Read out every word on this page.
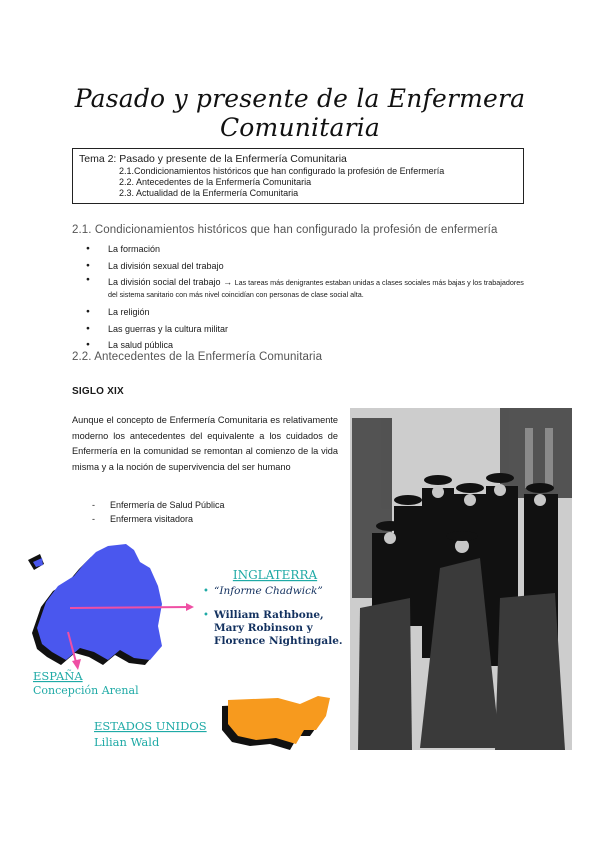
Pasado y presente de la Enfermera Comunitaria
Tema 2: Pasado y presente de la Enfermería Comunitaria
2.1.Condicionamientos históricos que han configurado la profesión de Enfermería
2.2. Antecedentes de la Enfermería Comunitaria
2.3. Actualidad de la Enfermería Comunitaria
2.1. Condicionamientos históricos que han configurado la profesión de enfermería
● La formación
● La división sexual del trabajo
● La división social del trabajo → Las tareas más denigrantes estaban unidas a clases sociales más bajas y los trabajadores del sistema sanitario con más nivel coincidían con personas de clase social alta.
● La religión
● Las guerras y la cultura militar
● La salud pública
2.2. Antecedentes de la Enfermería Comunitaria
SIGLO XIX
Aunque el concepto de Enfermería Comunitaria es relativamente moderno los antecedentes del equivalente a los cuidados de Enfermería en la comunidad se remontan al comienzo de la vida misma y a la noción de supervivencia del ser humano
- Enfermería de Salud Pública
- Enfermera visitadora
INGLATERRA
• “Informe Chadwick”
• William Rathbone, Mary Robinson y Florence Nightingale.
ESPAÑA
Concepción Arenal
ESTADOS UNIDOS
Lilian Wald
